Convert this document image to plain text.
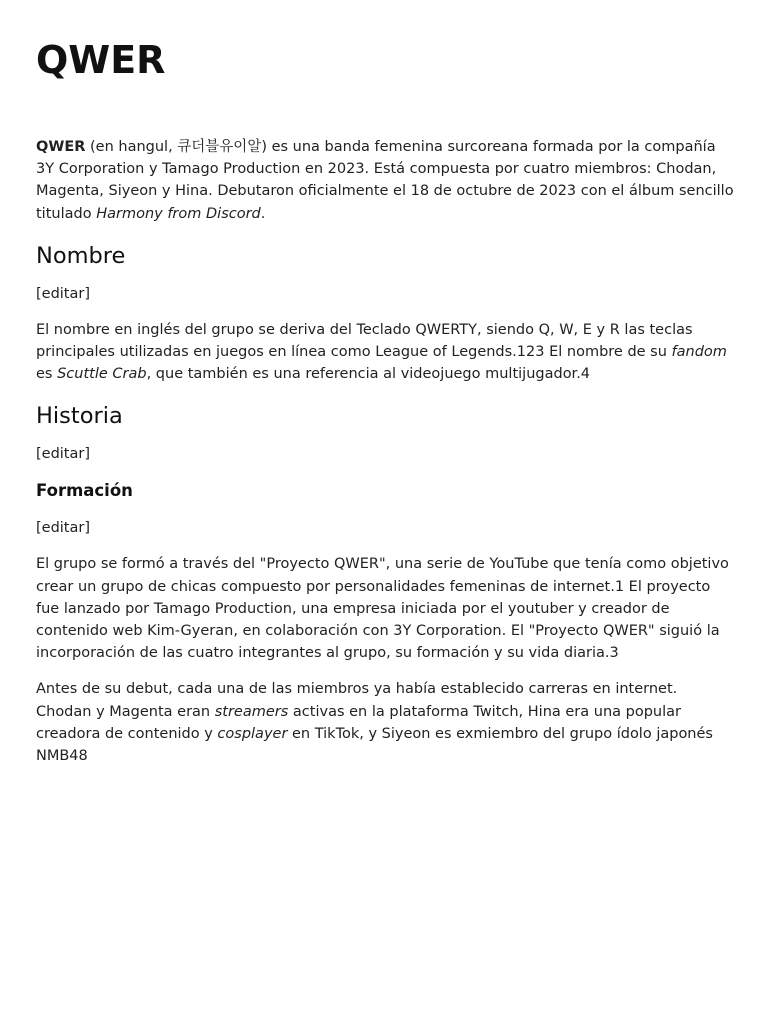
QWER

QWER (en hangul, 큐더블유이알) es una banda femenina surcoreana formada por la compañía 3Y Corporation y Tamago Production en 2023. Está compuesta por cuatro miembros: Chodan, Magenta, Siyeon y Hina. Debutaron oficialmente el 18 de octubre de 2023 con el álbum sencillo titulado Harmony from Discord.

Nombre
[editar]

El nombre en inglés del grupo se deriva del Teclado QWERTY, siendo Q, W, E y R las teclas principales utilizadas en juegos en línea como League of Legends.123 El nombre de su fandom es Scuttle Crab, que también es una referencia al videojuego multijugador.4

Historia
[editar]
Formación
[editar]

El grupo se formó a través del "Proyecto QWER", una serie de YouTube que tenía como objetivo crear un grupo de chicas compuesto por personalidades femeninas de internet.1 El proyecto fue lanzado por Tamago Production, una empresa iniciada por el youtuber y creador de contenido web Kim-Gyeran, en colaboración con 3Y Corporation. El "Proyecto QWER" siguió la incorporación de las cuatro integrantes al grupo, su formación y su vida diaria.3

Antes de su debut, cada una de las miembros ya había establecido carreras en internet. Chodan y Magenta eran streamers activas en la plataforma Twitch, Hina era una popular creadora de contenido y cosplayer en TikTok, y Siyeon es exmiembro del grupo ídolo japonés NMB48
